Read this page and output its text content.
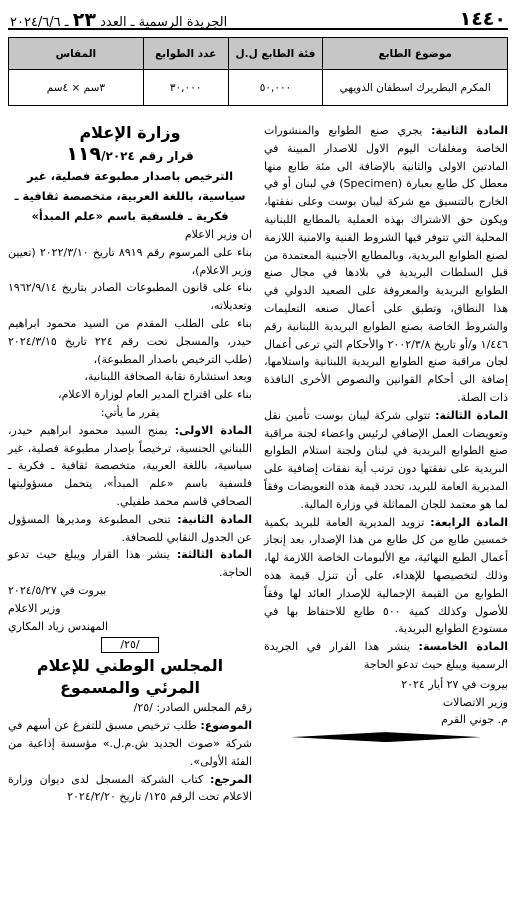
١٤٤٠
الجريدة الرسمية ـ العدد ٢٣ ـ ٢٠٢٤/٦/٦
موضوع الطابع	فئة الطابع ل.ل	عدد الطوابع	المقاس
المكرم البطريرك اسطفان الدويهي	٥٠,٠٠٠	٣٠,٠٠٠	٣سم × ٤سم

المادة الثانية: يجري صنع الطوابع والمنشورات الخاصة ومغلفات اليوم الاول للاصدار المبينة في المادتين الاولى والثانية بالإضافة الى مئة طابع منها معطل كل طابع بعبارة (Specimen) في لبنان أو في الخارج بالتنسيق مع شركة ليبان بوست وعلى نفقتها، ويكون حق الاشتراك بهذه العملية بالمطابع اللبنانية المحلية التي تتوفر فيها الشروط الفنية والامنية اللازمة لصنع الطوابع البريدية، وبالمطابع الأجنبية المعتمدة من قبل السلطات البريدية في بلادها في مجال صنع الطوابع البريدية والمعروفة على الصعيد الدولي في هذا النطاق، وتطبق على أعمال صنعه التعليمات والشروط الخاصة بصنع الطوابع البريدية اللبنانية رقم ١/٤٤٦ و/أو تاريخ ٢٠٠٢/٣/٨ والأحكام التي ترعى أعمال لجان مراقبة صنع الطوابع البريدية اللبنانية واستلامها، إضافة الى أحكام القوانين والنصوص الأخرى النافذة ذات الصلة.

المادة الثالثة: تتولى شركة ليبان بوست تأمين نقل وتعويضات العمل الإضافي لرئيس واعضاء لجنة مراقبة صنع الطوابع البريدية في لبنان ولجنة استلام الطوابع البريدية على نفقتها دون ترتب أية نفقات إضافية على المديرية العامة للبريد، تحدد قيمة هذه التعويضات وفقاً لما هو معتمد للجان المماثلة في وزارة المالية.

المادة الرابعة: تزويد المديرية العامة للبريد بكمية خمسين طابع من كل طابع من هذا الإصدار، بعد إنجاز أعمال الطبع النهائية، مع الألبومات الخاصة اللازمة لها، وذلك لتخصيصها للإهداء، على أن تنزل قيمة هذه الطوابع من القيمة الإجمالية للإصدار العائد لها وفقاً للأصول وكذلك كمية ٥٠٠ طابع للاحتفاظ بها في مستودع الطوابع البريدية.

المادة الخامسة: ينشر هذا القرار في الجريدة الرسمية ويبلغ حيث تدعو الحاجة

بيروت في ٢٧ أيار ٢٠٢٤

وزير الاتصالات

م. جوني القرم

وزارة الإعلام
قرار رقم ١١٩/٢٠٢٤
الترخيص باصدار مطبوعة فصلية، غير سياسية، باللغة العربية، متخصصة ثقافية ـ فكرية ـ فلسفية باسم «علم المبدأ»

ان وزير الاعلام

بناء على المرسوم رقم ٨٩١٩ تاريخ ٢٠٢٢/٣/١٠ (تعيين وزير الاعلام)،

بناء على قانون المطبوعات الصادر بتاريخ ١٩٦٢/٩/١٤ وتعديلاته،

بناء على الطلب المقدم من السيد محمود ابراهيم حيدر، والمسجل تحت رقم ٢٢٤ تاريخ ٢٠٢٤/٣/١٥ (طلب الترخيص باصدار المطبوعة)،

وبعد استشارة نقابة الصحافة اللبنانية،

بناء على اقتراح المدير العام لوزارة الاعلام،

يقرر ما يأتي:

المادة الاولى: يمنح السيد محمود ابراهيم حيدر، اللبناني الجنسية، ترخيصاً بإصدار مطبوعة فصلية، غير سياسية، باللغة العربية، متخصصة ثقافية ـ فكرية ـ فلسفية باسم «علم المبدأ»، يتحمل مسؤوليتها الصحافي قاسم محمد طفيلي.

المادة الثانية: تنحى المطبوعة ومديرها المسؤول عن الجدول النقابي للصحافة.

المادة الثالثة: ينشر هذا القرار ويبلغ حيث تدعو الحاجة.

بيروت في ٢٠٢٤/٥/٢٧

وزير الاعلام

المهندس زياد المكاري

/٢٥/
المجلس الوطني للإعلام
المرئي والمسموع

رقم المجلس الصادر: /٢٥/

الموضوع: طلب ترخيص مسبق للتفرغ عن أسهم في شركة «صوت الجديد ش.م.ل.» مؤسسة إذاعية من الفئة الأولى».

المرجع: كتاب الشركة المسجل لدى ديوان وزارة الاعلام تحت الرقم ١٢٥/ تاريخ ٢٠٢٤/٢/٢٠
